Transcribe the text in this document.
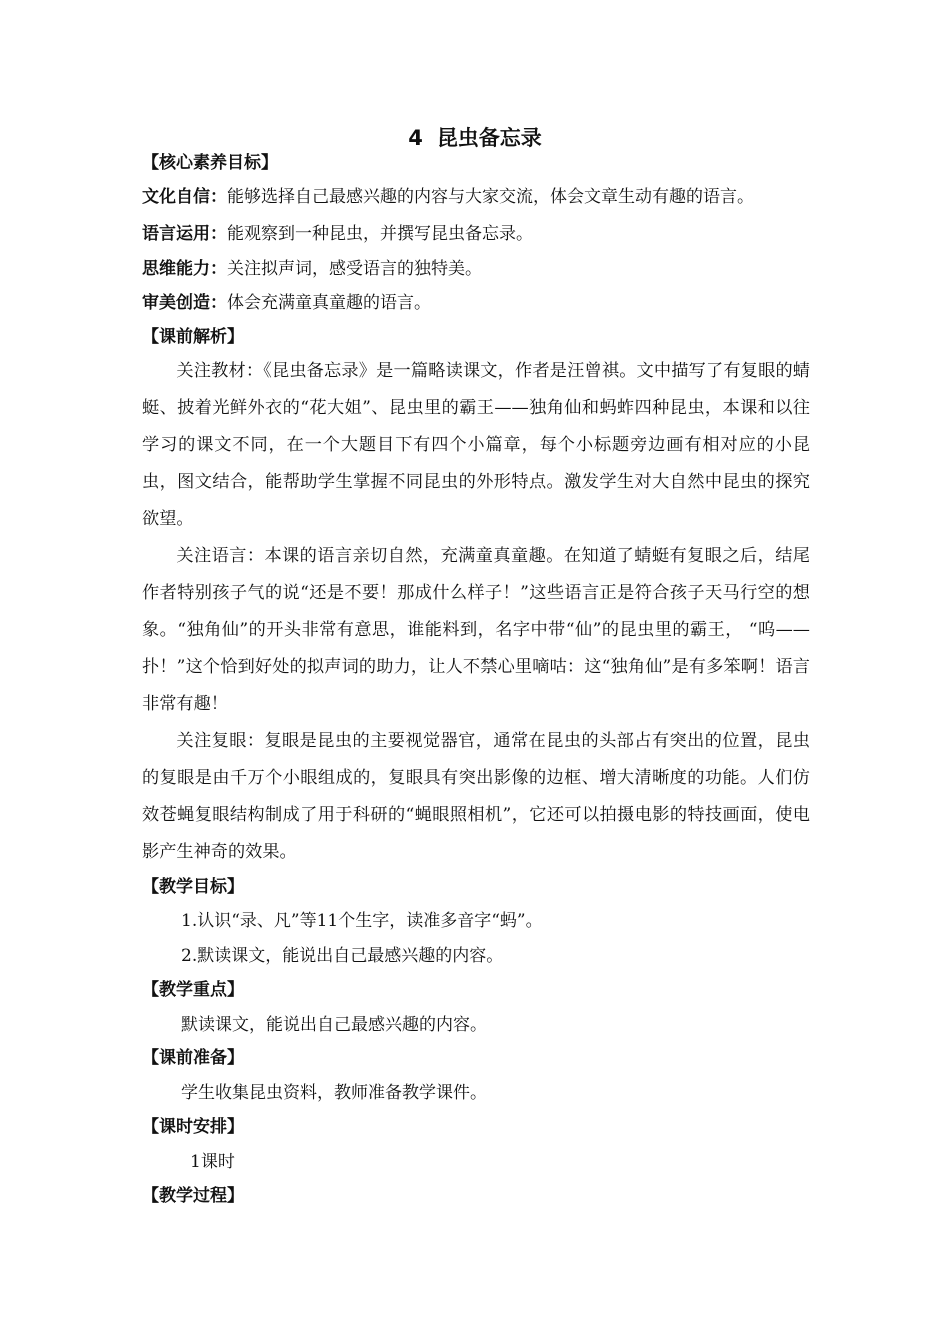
4 昆虫备忘录
【核心素养目标】
文化自信：能够选择自己最感兴趣的内容与大家交流，体会文章生动有趣的语言。
语言运用：能观察到一种昆虫，并撰写昆虫备忘录。
思维能力：关注拟声词，感受语言的独特美。
审美创造：体会充满童真童趣的语言。
【课前解析】

关注教材：《昆虫备忘录》是一篇略读课文，作者是汪曾祺。文中描写了有复眼的蜻蜓、披着光鲜外衣的“花大姐”、昆虫里的霸王——独角仙和蚂蚱四种昆虫，本课和以往学习的课文不同，在一个大题目下有四个小篇章，每个小标题旁边画有相对应的小昆虫，图文结合，能帮助学生掌握不同昆虫的外形特点。激发学生对大自然中昆虫的探究欲望。

关注语言：本课的语言亲切自然，充满童真童趣。在知道了蜻蜓有复眼之后，结尾作者特别孩子气的说“还是不要！那成什么样子！”这些语言正是符合孩子天马行空的想象。“独角仙”的开头非常有意思，谁能料到，名字中带“仙”的昆虫里的霸王， “呜——扑！”这个恰到好处的拟声词的助力，让人不禁心里嘀咕：这“独角仙”是有多笨啊！语言非常有趣！

关注复眼：复眼是昆虫的主要视觉器官，通常在昆虫的头部占有突出的位置，昆虫的复眼是由千万个小眼组成的，复眼具有突出影像的边框、增大清晰度的功能。人们仿效苍蝇复眼结构制成了用于科研的“蝇眼照相机”，它还可以拍摄电影的特技画面，使电影产生神奇的效果。

【教学目标】
1.认识“录、凡”等11个生字，读准多音字“蚂”。
2.默读课文，能说出自己最感兴趣的内容。
【教学重点】
默读课文，能说出自己最感兴趣的内容。
【课前准备】
学生收集昆虫资料，教师准备教学课件。
【课时安排】
1课时
【教学过程】
